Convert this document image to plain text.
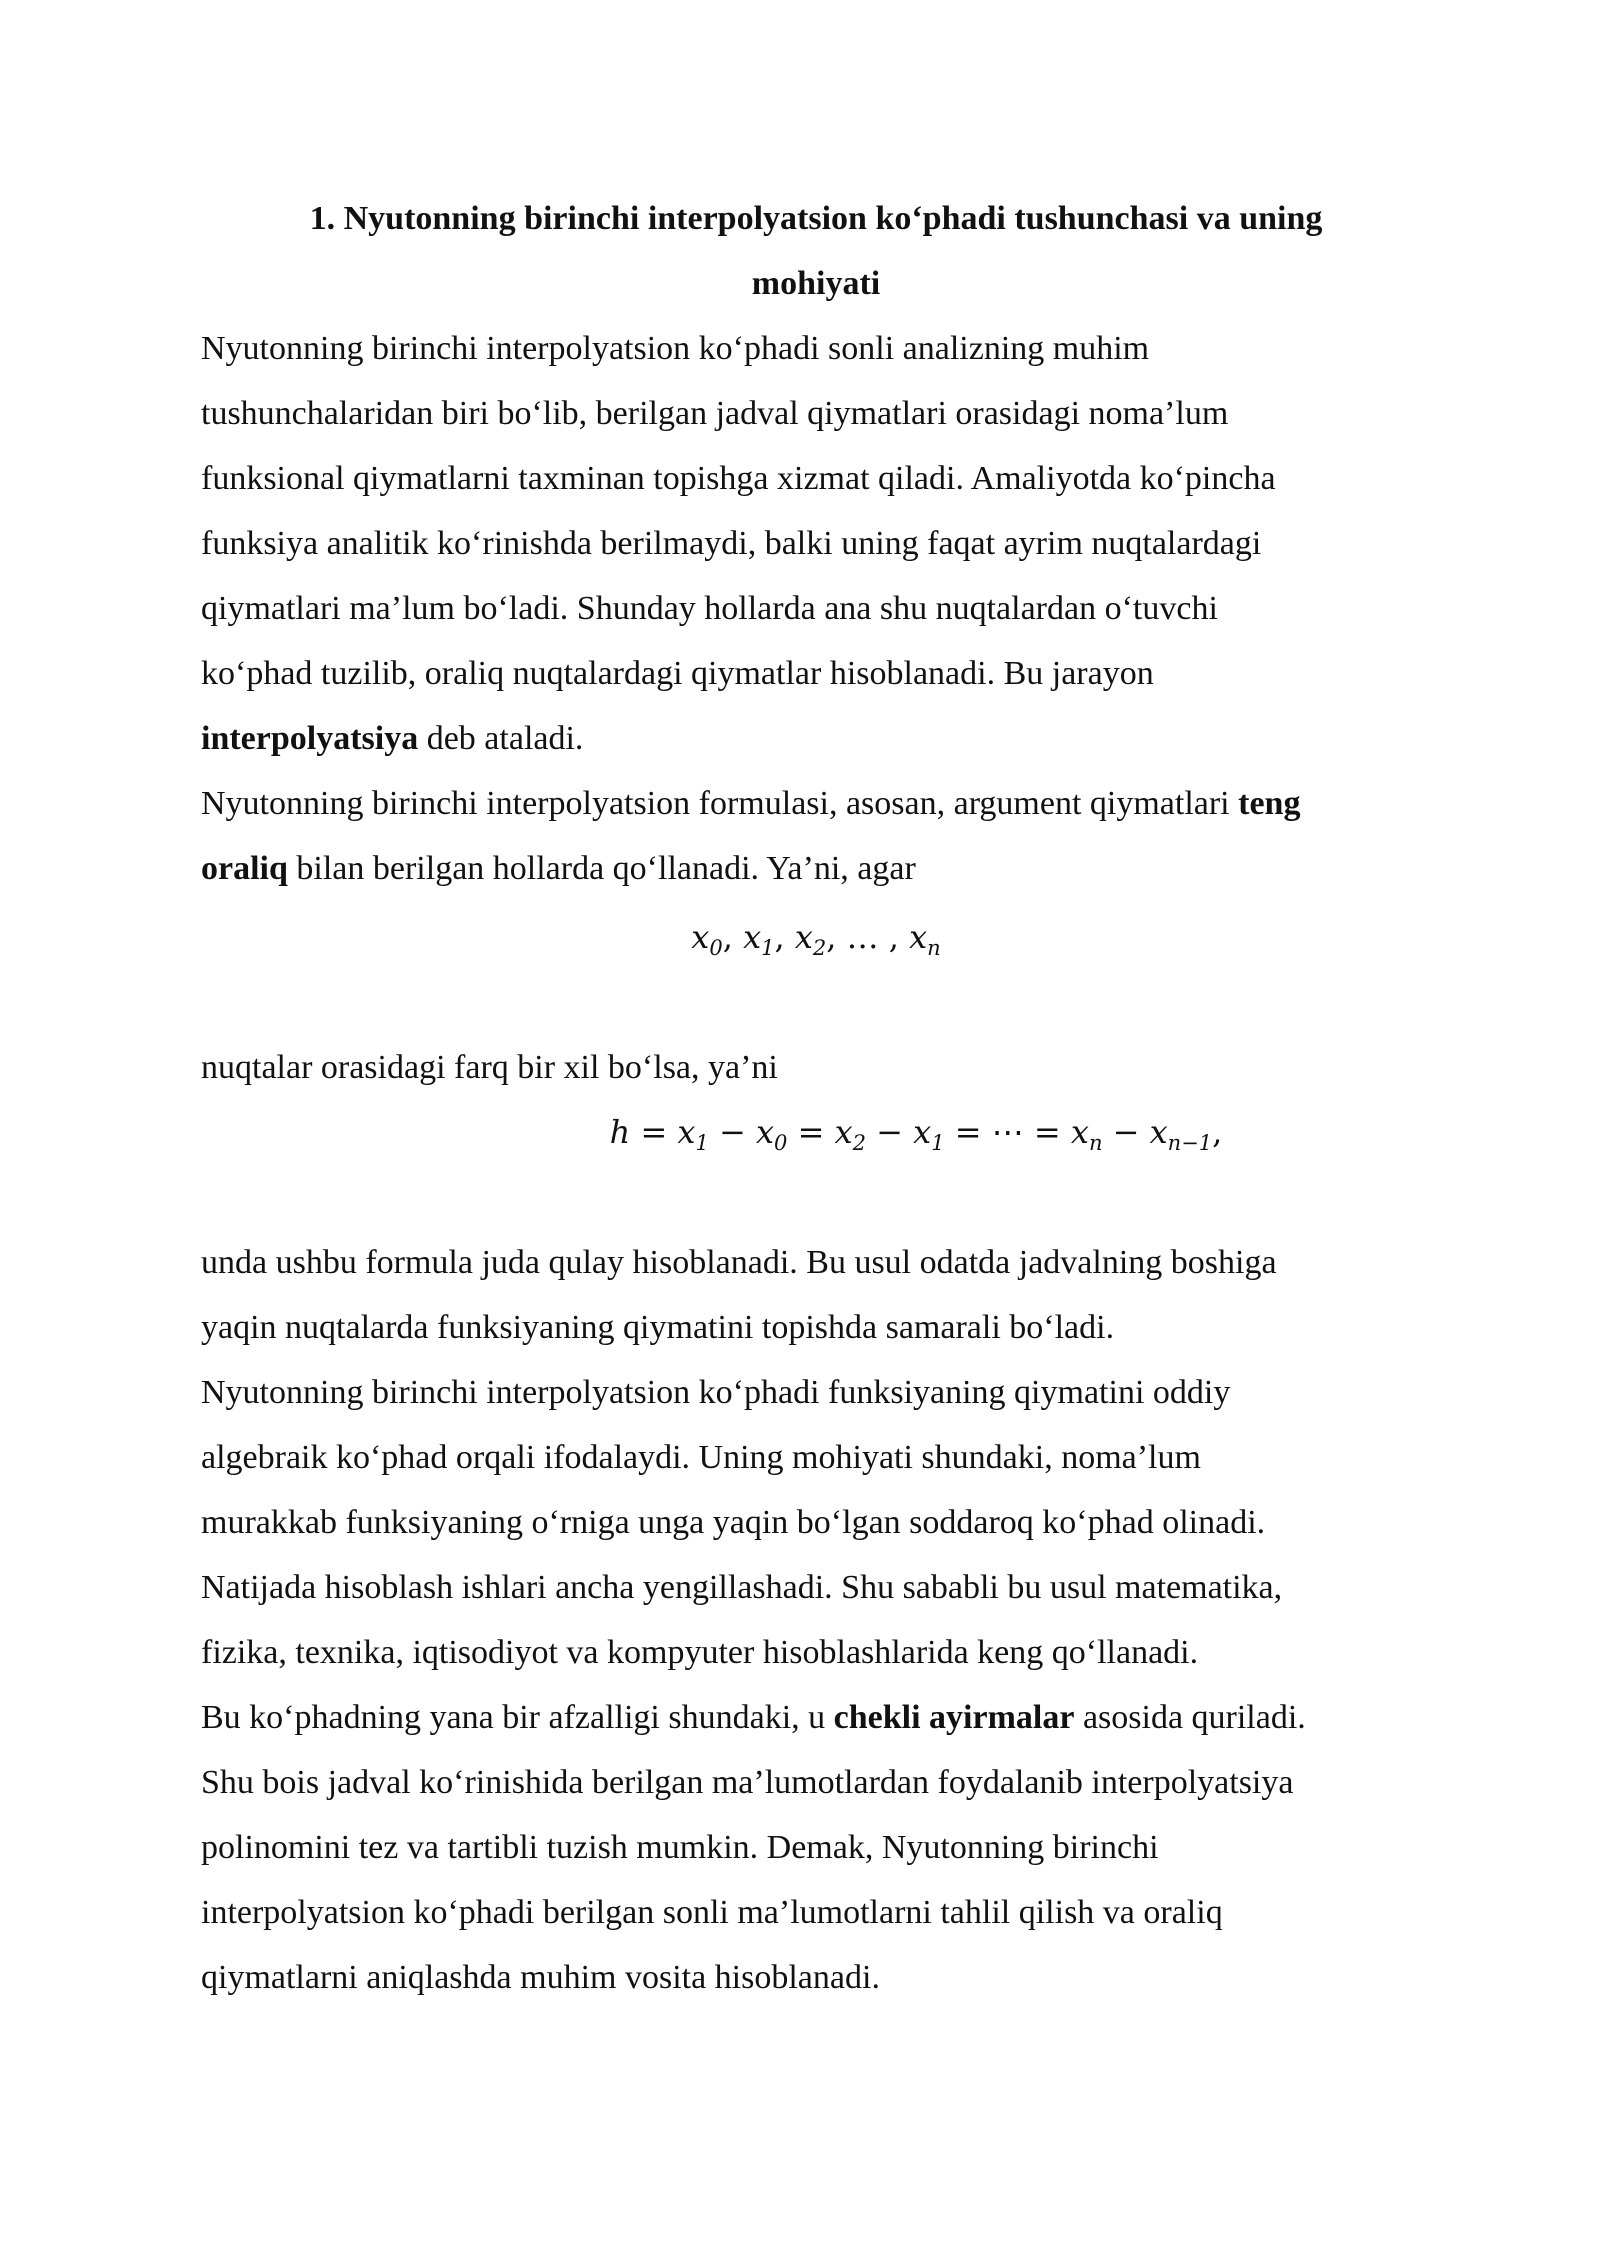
1. Nyutonning birinchi interpolyatsion ko‘phadi tushunchasi va uning
mohiyati
Nyutonning birinchi interpolyatsion ko‘phadi sonli analizning muhim
tushunchalaridan biri bo‘lib, berilgan jadval qiymatlari orasidagi noma’lum
funksional qiymatlarni taxminan topishga xizmat qiladi. Amaliyotda ko‘pincha
funksiya analitik ko‘rinishda berilmaydi, balki uning faqat ayrim nuqtalardagi
qiymatlari ma’lum bo‘ladi. Shunday hollarda ana shu nuqtalardan o‘tuvchi
ko‘phad tuzilib, oraliq nuqtalardagi qiymatlar hisoblanadi. Bu jarayon
interpolyatsiya deb ataladi.
Nyutonning birinchi interpolyatsion formulasi, asosan, argument qiymatlari teng
oraliq bilan berilgan hollarda qo‘llanadi. Ya’ni, agar
$x_0$, $x_1$, $x_2$, … , $x_n$
nuqtalar orasidagi farq bir xil bo‘lsa, ya’ni
$h = x_1 - x_0 = x_2 - x_1$ = ⋯ = $x_n - x_{n-1}$,
unda ushbu formula juda qulay hisoblanadi. Bu usul odatda jadvalning boshiga
yaqin nuqtalarda funksiyaning qiymatini topishda samarali bo‘ladi.
Nyutonning birinchi interpolyatsion ko‘phadi funksiyaning qiymatini oddiy
algebraik ko‘phad orqali ifodalaydi. Uning mohiyati shundaki, noma’lum
murakkab funksiyaning o‘rniga unga yaqin bo‘lgan soddaroq ko‘phad olinadi.
Natijada hisoblash ishlari ancha yengillashadi. Shu sababli bu usul matematika,
fizika, texnika, iqtisodiyot va kompyuter hisoblashlarida keng qo‘llanadi.
Bu ko‘phadning yana bir afzalligi shundaki, u chekli ayirmalar asosida quriladi.
Shu bois jadval ko‘rinishida berilgan ma’lumotlardan foydalanib interpolyatsiya
polinomini tez va tartibli tuzish mumkin. Demak, Nyutonning birinchi
interpolyatsion ko‘phadi berilgan sonli ma’lumotlarni tahlil qilish va oraliq
qiymatlarni aniqlashda muhim vosita hisoblanadi.
